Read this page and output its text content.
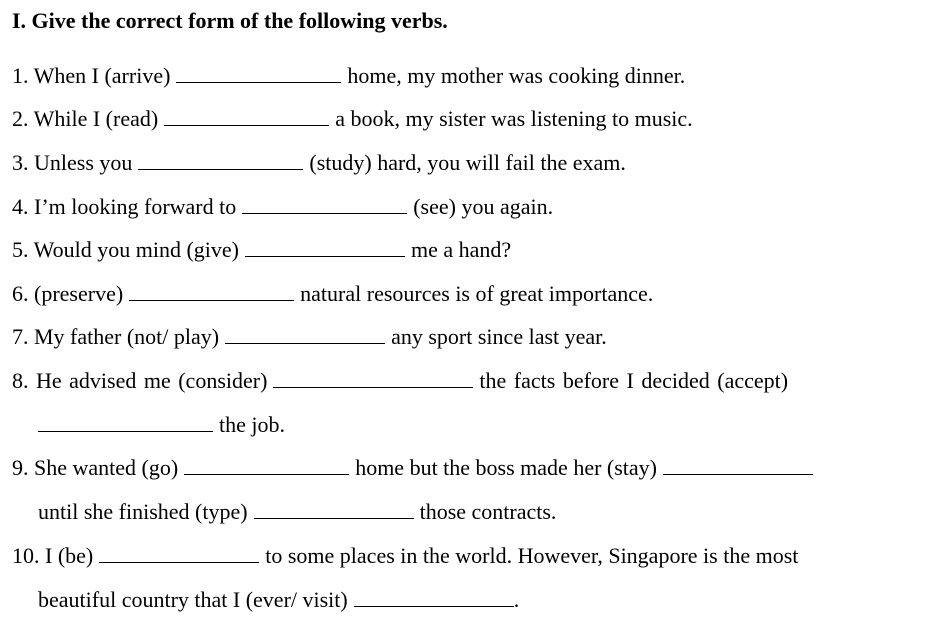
I. Give the correct form of the following verbs.
1. When I (arrive)	home, my mother was cooking dinner.
2. While I (read)	a book, my sister was listening to music.
3. Unless you	(study) hard, you will fail the exam.
4. I’m looking forward to	(see) you again.
5. Would you mind (give)	me a hand?
6. (preserve)	natural resources is of great importance.
7. My father (not/ play)	any sport since last year.
8. He advised me (consider)	the facts before I decided (accept)
the job.
9. She wanted (go)	home but the boss made her (stay)
until she finished (type)	those contracts.
10. I (be)	to some places in the world. However, Singapore is the most
beautiful country that I (ever/ visit)	.
